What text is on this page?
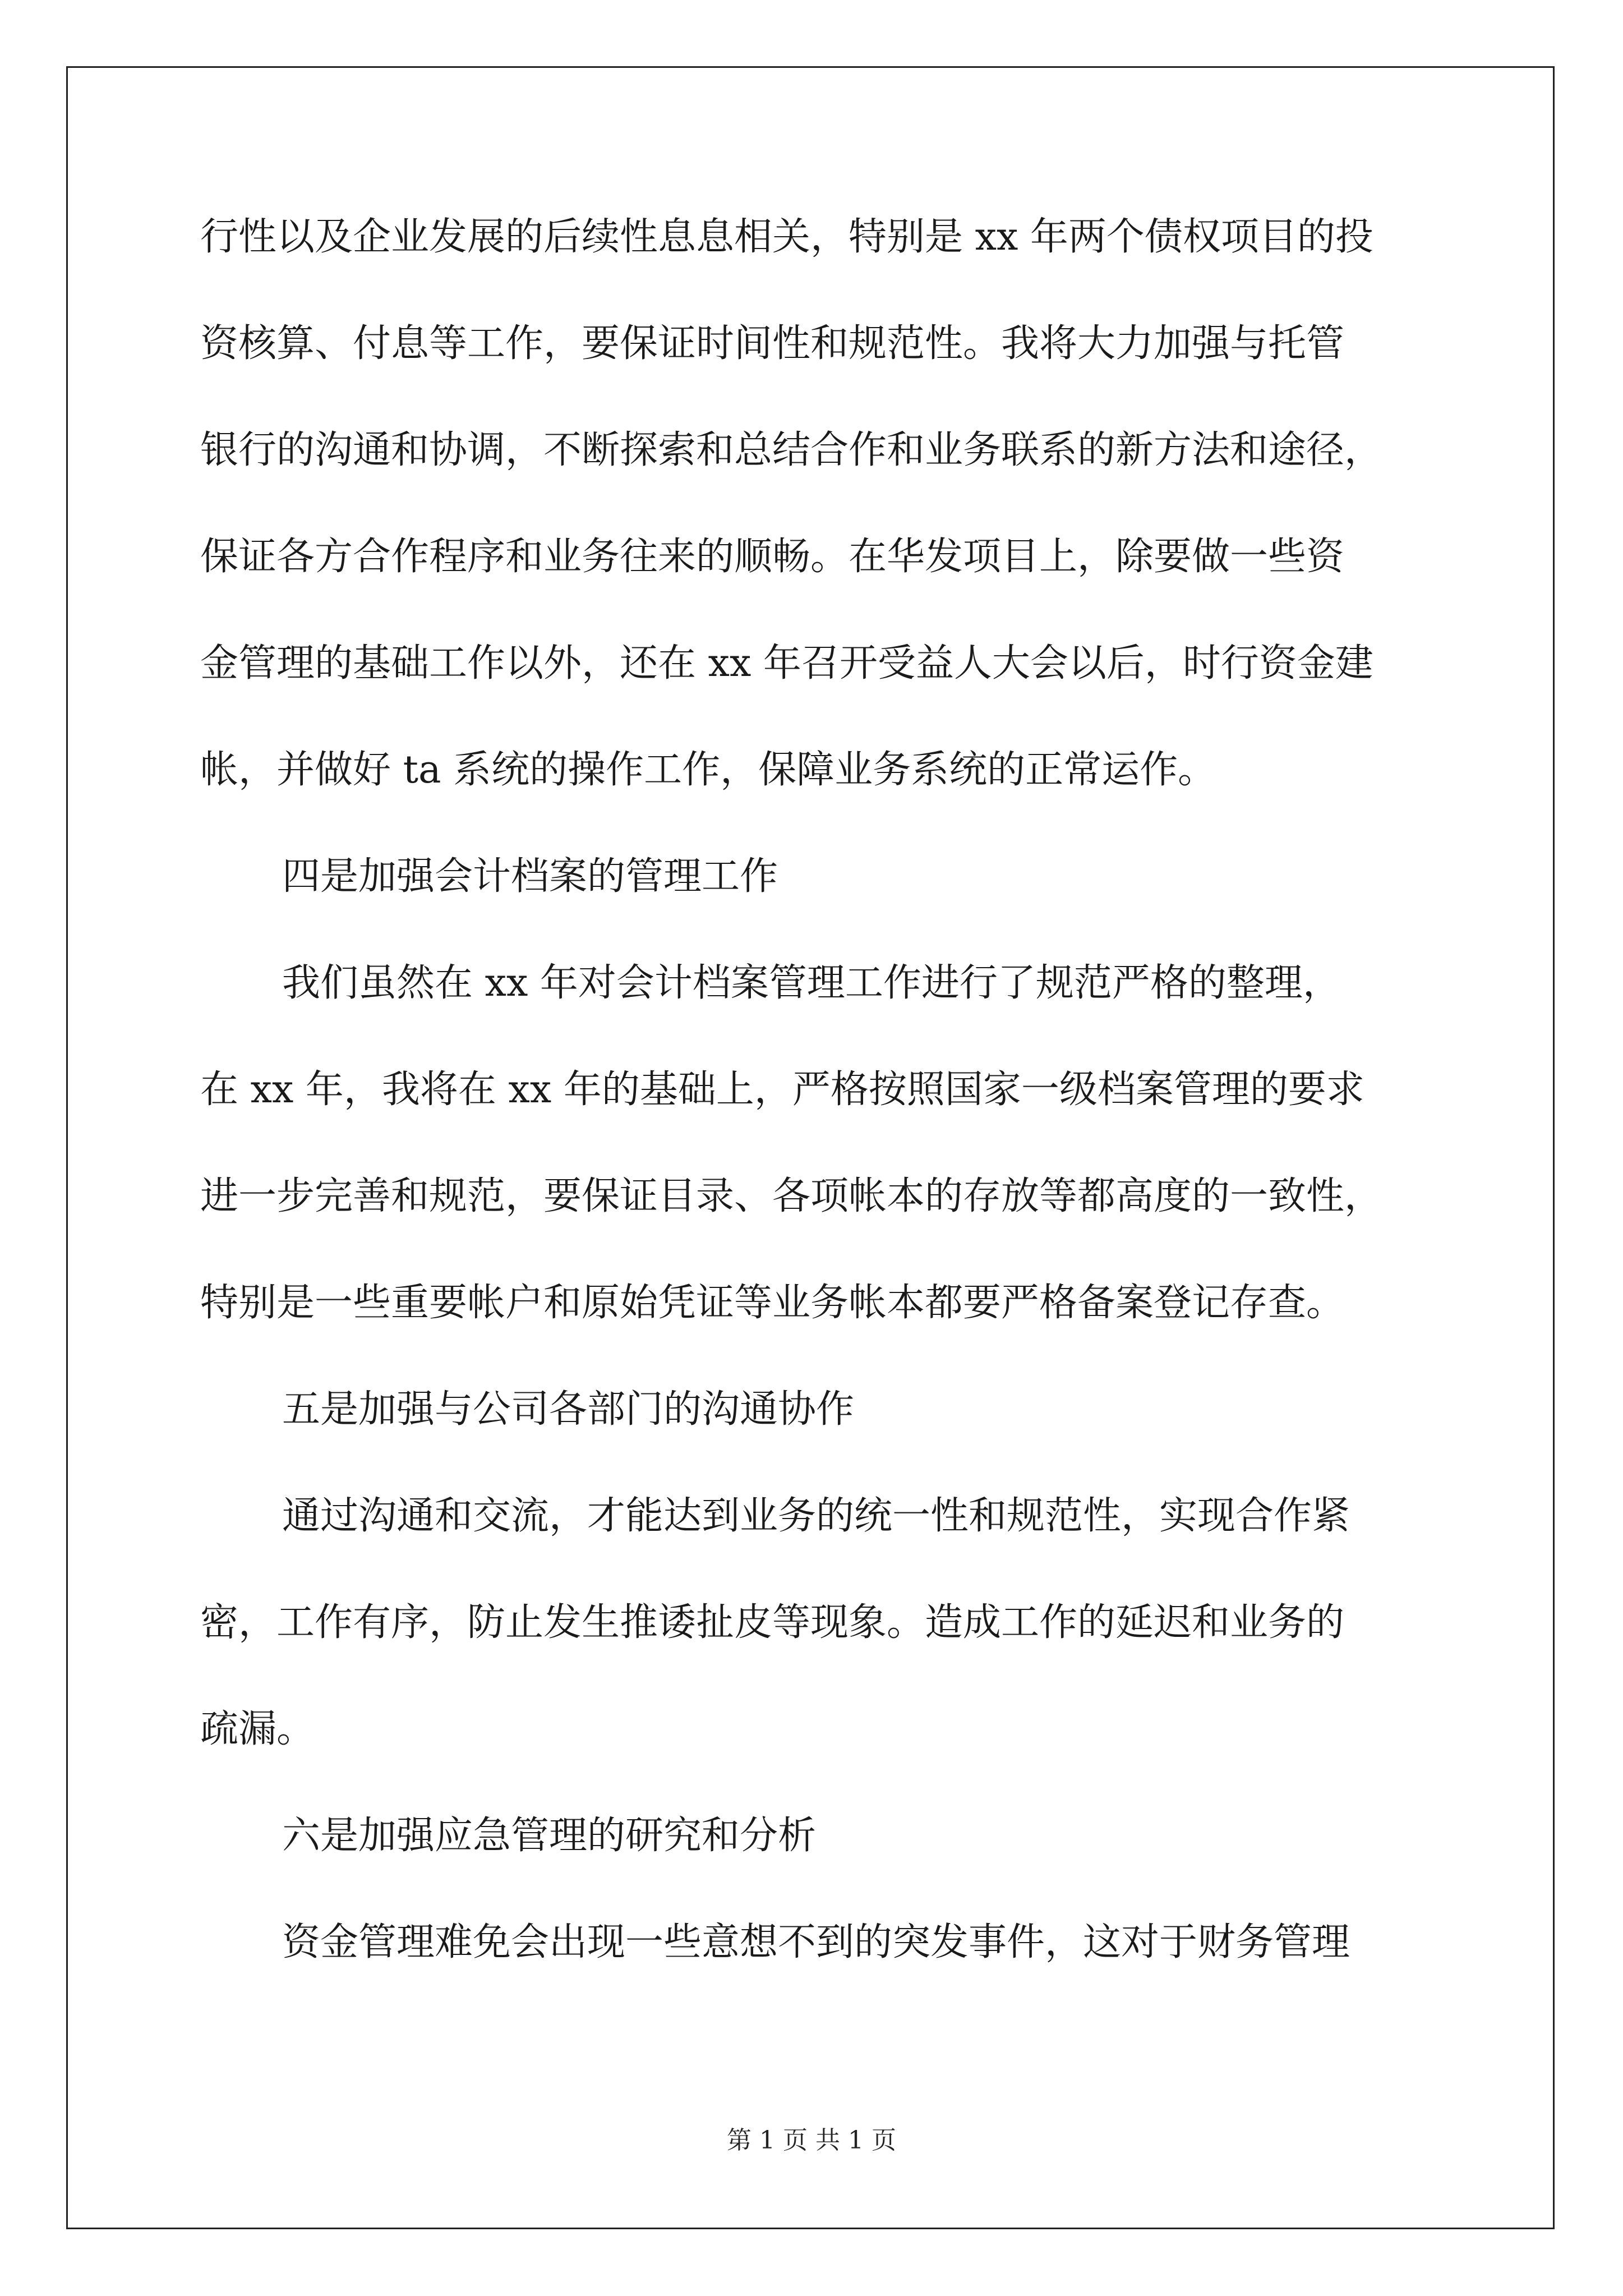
行性以及企业发展的后续性息息相关，特别是 xx 年两个债权项目的投
资核算、付息等工作，要保证时间性和规范性。我将大力加强与托管
银行的沟通和协调，不断探索和总结合作和业务联系的新方法和途径，
保证各方合作程序和业务往来的顺畅。在华发项目上，除要做一些资
金管理的基础工作以外，还在 xx 年召开受益人大会以后，时行资金建
帐，并做好 ta 系统的操作工作，保障业务系统的正常运作。
四是加强会计档案的管理工作
我们虽然在 xx 年对会计档案管理工作进行了规范严格的整理，
在 xx 年，我将在 xx 年的基础上，严格按照国家一级档案管理的要求
进一步完善和规范，要保证目录、各项帐本的存放等都高度的一致性，
特别是一些重要帐户和原始凭证等业务帐本都要严格备案登记存查。
五是加强与公司各部门的沟通协作
通过沟通和交流，才能达到业务的统一性和规范性，实现合作紧
密，工作有序，防止发生推诿扯皮等现象。造成工作的延迟和业务的
疏漏。
六是加强应急管理的研究和分析
资金管理难免会出现一些意想不到的突发事件，这对于财务管理
第 1 页 共 1 页
